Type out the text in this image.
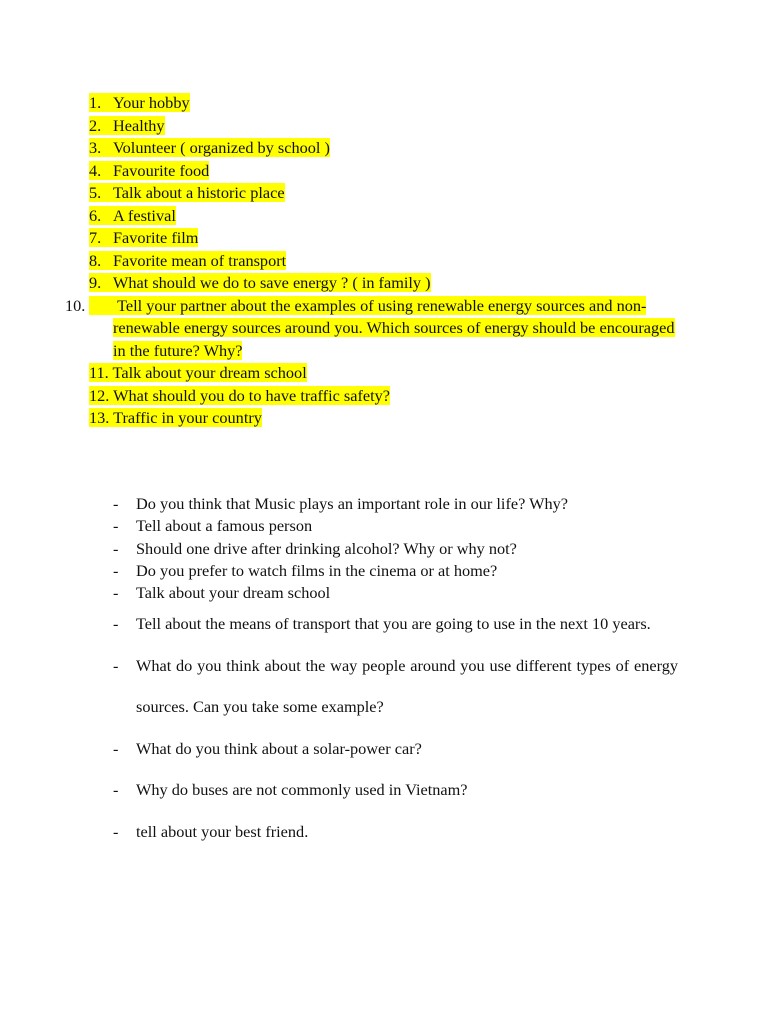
1. Your hobby
2. Healthy
3. Volunteer ( organized by school )
4. Favourite food
5. Talk about a historic place
6. A festival
7. Favorite film
8. Favorite mean of transport
9. What should we do to save energy ? ( in family )
10. Tell your partner about the examples of using renewable energy sources and non-renewable energy sources around you. Which sources of energy should be encouraged in the future? Why?
11. Talk about your dream school
12. What should you do to have traffic safety?
13. Traffic in your country
- Do you think that Music plays an important role in our life? Why?
- Tell about a famous person
- Should one drive after drinking alcohol? Why or why not?
- Do you prefer to watch films in the cinema or at home?
- Talk about your dream school
- Tell about the means of transport that you are going to use in the next 10 years.
- What do you think about the way people around you use different types of energy sources. Can you take some example?
- What do you think about a solar-power car?
- Why do buses are not commonly used in Vietnam?
- tell about your best friend.
